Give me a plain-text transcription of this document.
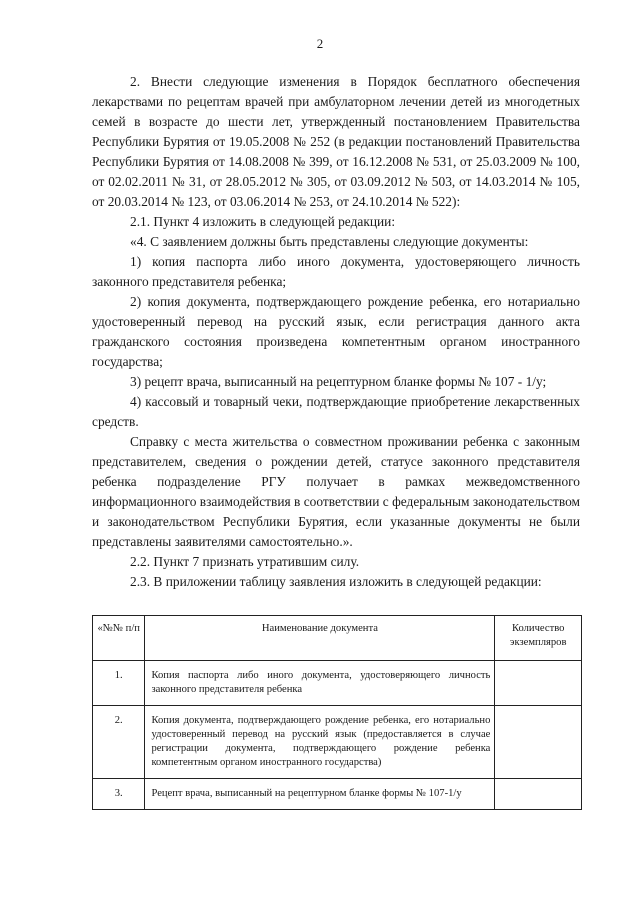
2

2. Внести следующие изменения в Порядок бесплатного обеспечения лекарствами по рецептам врачей при амбулаторном лечении детей из многодетных семей в возрасте до шести лет, утвержденный постановлением Правительства Республики Бурятия от 19.05.2008 № 252 (в редакции постановлений Правительства Республики Бурятия от 14.08.2008 № 399, от 16.12.2008 № 531, от 25.03.2009 № 100, от 02.02.2011 № 31, от 28.05.2012 № 305, от 03.09.2012 № 503, от 14.03.2014 № 105, от 20.03.2014 № 123, от 03.06.2014 № 253, от 24.10.2014 № 522):

2.1. Пункт 4 изложить в следующей редакции:

«4. С заявлением должны быть представлены следующие документы:

1) копия паспорта либо иного документа, удостоверяющего личность законного представителя ребенка;

2) копия документа, подтверждающего рождение ребенка, его нотариально удостоверенный перевод на русский язык, если регистрация данного акта гражданского состояния произведена компетентным органом иностранного государства;

3) рецепт врача, выписанный на рецептурном бланке формы № 107 - 1/у;

4) кассовый и товарный чеки, подтверждающие приобретение лекарственных средств.

Справку с места жительства о совместном проживании ребенка с законным представителем, сведения о рождении детей, статусе законного представителя ребенка подразделение РГУ получает в рамках межведомственного информационного взаимодействия в соответствии с федеральным законодательством и законодательством Республики Бурятия, если указанные документы не были представлены заявителями самостоятельно.».

2.2. Пункт 7 признать утратившим силу.

2.3. В приложении таблицу заявления изложить в следующей редакции:

«№№ п/п	Наименование документа	Количество экземпляров
1.	Копия паспорта либо иного документа, удостоверяющего личность законного представителя ребенка	
2.	Копия документа, подтверждающего рождение ребенка, его нотариально удостоверенный перевод на русский язык (предоставляется в случае регистрации документа, подтверждающего рождение ребенка компетентным органом иностранного государства)	
3.	Рецепт врача, выписанный на рецептурном бланке формы № 107-1/у	
